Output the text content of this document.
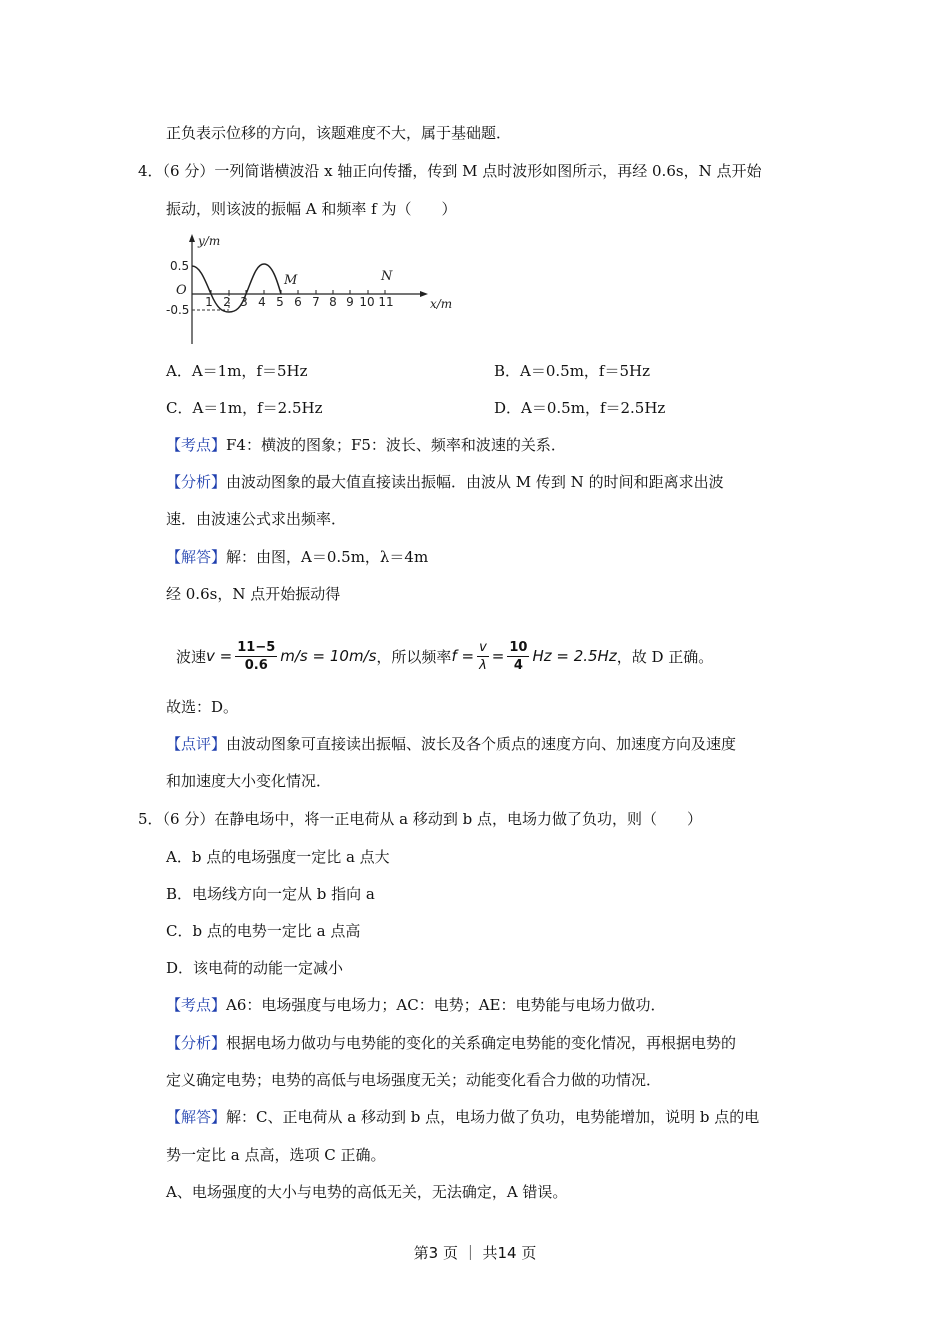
正负表示位移的方向，该题难度不大，属于基础题．
4．（6 分）一列简谐横波沿 x 轴正向传播，传到 M 点时波形如图所示，再经 0.6s，N 点开始
振动，则该波的振幅 A 和频率 f 为（　　）
y/m
x/m
O
0.5
-0.5
1 2 3 4 5 6 7 8 9 10 11
M	N
A．A＝1m，f＝5Hz	B．A＝0.5m，f＝5Hz
C．A＝1m，f＝2.5Hz	D．A＝0.5m，f＝2.5Hz
【考点】F4：横波的图象；F5：波长、频率和波速的关系．
【分析】由波动图象的最大值直接读出振幅．由波从 M 传到 N 的时间和距离求出波
速．由波速公式求出频率．
【解答】解：由图，A＝0.5m，λ＝4m
经 0.6s，N 点开始振动得
波速 $v = \frac{11-5}{0.6} m/s = 10m/s$ ，所以频率 $f = \frac{v}{\lambda} = \frac{10}{4}$ Hz = 2.5Hz ，故 D 正确。
故选：D。
【点评】由波动图象可直接读出振幅、波长及各个质点的速度方向、加速度方向及速度
和加速度大小变化情况．
5．（6 分）在静电场中，将一正电荷从 a 移动到 b 点，电场力做了负功，则（　　）
A．b 点的电场强度一定比 a 点大
B．电场线方向一定从 b 指向 a
C．b 点的电势一定比 a 点高
D．该电荷的动能一定减小
【考点】A6：电场强度与电场力；AC：电势；AE：电势能与电场力做功．
【分析】根据电场力做功与电势能的变化的关系确定电势能的变化情况，再根据电势的
定义确定电势；电势的高低与电场强度无关；动能变化看合力做的功情况．
【解答】解：C、正电荷从 a 移动到 b 点，电场力做了负功，电势能增加，说明 b 点的电
势一定比 a 点高，选项 C 正确。
A、电场强度的大小与电势的高低无关，无法确定，A 错误。
第3 页 ｜ 共14 页
